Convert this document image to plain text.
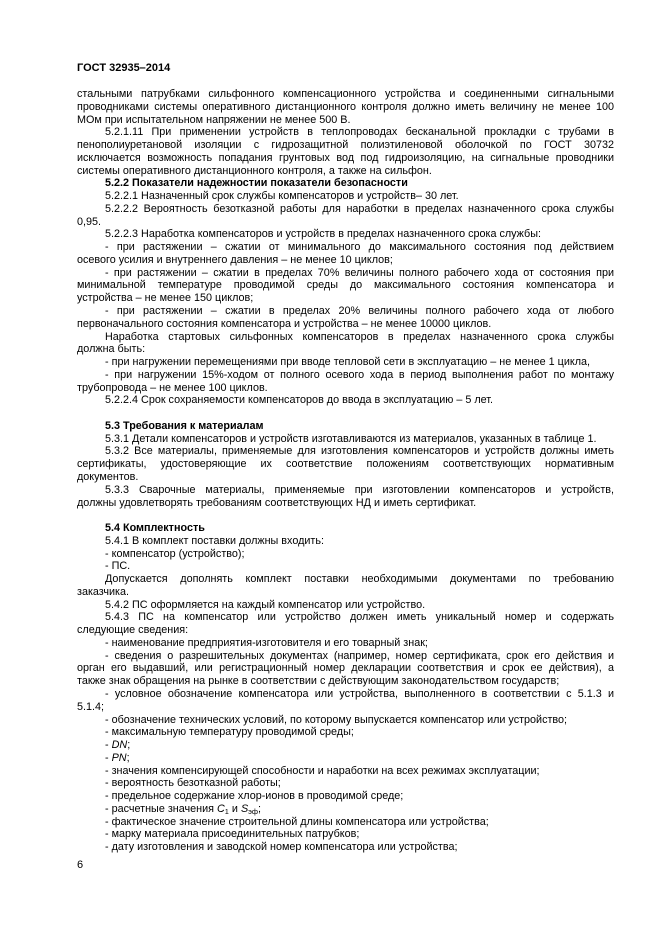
ГОСТ 32935–2014
стальными патрубками сильфонного компенсационного устройства и соединенными сигнальными
проводниками системы оперативного дистанционного контроля должно иметь величину не менее 100
МОм при испытательном напряжении не менее 500 В.
5.2.1.11 При применении устройств в теплопроводах бесканальной прокладки с трубами в
пенополиуретановой изоляции с гидрозащитной полиэтиленовой оболочкой по ГОСТ 30732
исключается возможность попадания грунтовых вод под гидроизоляцию, на сигнальные проводники
системы оперативного дистанционного контроля, а также на сильфон.
5.2.2 Показатели надежностии показатели безопасности
5.2.2.1 Назначенный срок службы компенсаторов и устройств– 30 лет.
5.2.2.2 Вероятность безотказной работы для наработки в пределах назначенного срока службы
0,95.
5.2.2.3 Наработка компенсаторов и устройств в пределах назначенного срока службы:
- при растяжении – сжатии от минимального до максимального состояния под действием
осевого усилия и внутреннего давления – не менее 10 циклов;
- при растяжении – сжатии в пределах 70% величины полного рабочего хода от состояния при
минимальной температуре проводимой среды до максимального состояния компенсатора и
устройства – не менее 150 циклов;
- при растяжении – сжатии в пределах 20% величины полного рабочего хода от любого
первоначального состояния компенсатора и устройства – не менее 10000 циклов.
Наработка стартовых сильфонных компенсаторов в пределах назначенного срока службы
должна быть:
- при нагружении перемещениями при вводе тепловой сети в эксплуатацию – не менее 1 цикла,
- при нагружении 15%-ходом от полного осевого хода в период выполнения работ по монтажу
трубопровода – не менее 100 циклов.
5.2.2.4 Срок сохраняемости компенсаторов до ввода в эксплуатацию – 5 лет.
5.3 Требования к материалам
5.3.1 Детали компенсаторов и устройств изготавливаются из материалов, указанных в таблице 1.
5.3.2 Все материалы, применяемые для изготовления компенсаторов и устройств должны иметь
сертификаты, удостоверяющие их соответствие положениям соответствующих нормативным
документов.
5.3.3 Сварочные материалы, применяемые при изготовлении компенсаторов и устройств,
должны удовлетворять требованиям соответствующих НД и иметь сертификат.
5.4 Комплектность
5.4.1 В комплект поставки должны входить:
- компенсатор (устройство);
- ПС.
Допускается дополнять комплект поставки необходимыми документами по требованию
заказчика.
5.4.2 ПС оформляется на каждый компенсатор или устройство.
5.4.3 ПС на компенсатор или устройство должен иметь уникальный номер и содержать
следующие сведения:
- наименование предприятия-изготовителя и его товарный знак;
- сведения о разрешительных документах (например, номер сертификата, срок его действия и
орган его выдавший, или регистрационный номер декларации соответствия и срок ее действия), а
также знак обращения на рынке в соответствии с действующим законодательством государств;
- условное обозначение компенсатора или устройства, выполненного в соответствии с 5.1.3 и
5.1.4;
- обозначение технических условий, по которому выпускается компенсатор или устройство;
- максимальную температуру проводимой среды;
- DN;
- PN;
- значения компенсирующей способности и наработки на всех режимах эксплуатации;
- вероятность безотказной работы;
- предельное содержание хлор-ионов в проводимой среде;
- расчетные значения C1 и Sэф;
- фактическое значение строительной длины компенсатора или устройства;
- марку материала присоединительных патрубков;
- дату изготовления и заводской номер компенсатора или устройства;
6
